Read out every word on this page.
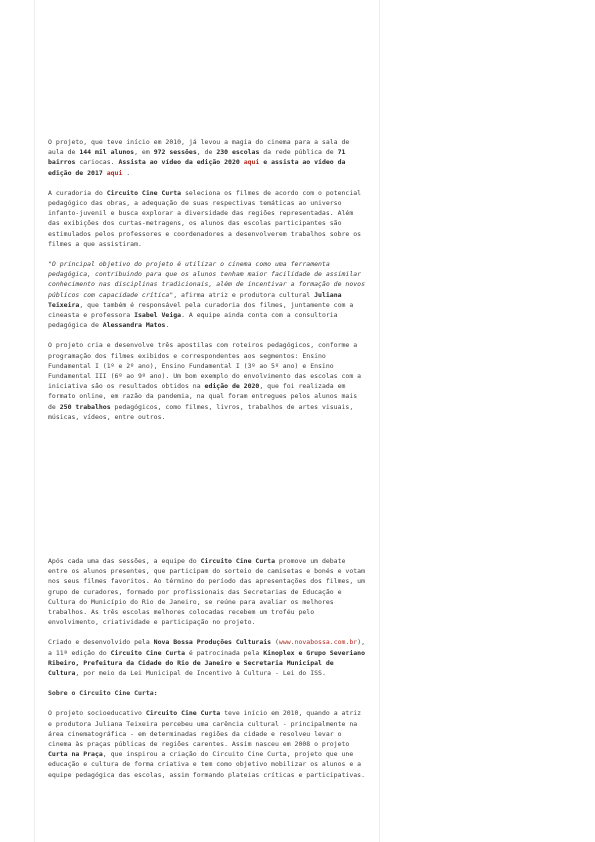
O projeto, que teve início em 2010, já levou a magia do cinema para a sala de aula de 144 mil alunos, em 972 sessões, de 230 escolas da rede pública de 71 bairros cariocas. Assista ao vídeo da edição 2020 aqui e assista ao vídeo da edição de 2017 aqui .

A curadoria do Circuito Cine Curta seleciona os filmes de acordo com o potencial pedagógico das obras, a adequação de suas respectivas temáticas ao universo infanto-juvenil e busca explorar a diversidade das regiões representadas. Além das exibições dos curtas-metragens, os alunos das escolas participantes são estimulados pelos professores e coordenadores a desenvolverem trabalhos sobre os filmes a que assistiram.

"O principal objetivo do projeto é utilizar o cinema como uma ferramenta pedagógica, contribuindo para que os alunos tenham maior facilidade de assimilar conhecimento nas disciplinas tradicionais, além de incentivar a formação de novos públicos com capacidade crítica", afirma atriz e produtora cultural Juliana Teixeira, que também é responsável pela curadoria dos filmes, juntamente com a cineasta e professora Isabel Veiga. A equipe ainda conta com a consultoria pedagógica de Alessandra Matos.

O projeto cria e desenvolve três apostilas com roteiros pedagógicos, conforme a programação dos filmes exibidos e correspondentes aos segmentos: Ensino Fundamental I (1º e 2º ano), Ensino Fundamental I (3º ao 5º ano) e Ensino Fundamental III (6º ao 9º ano). Um bom exemplo do envolvimento das escolas com a iniciativa são os resultados obtidos na edição de 2020, que foi realizada em formato online, em razão da pandemia, na qual foram entregues pelos alunos mais de 250 trabalhos pedagógicos, como filmes, livros, trabalhos de artes visuais, músicas, vídeos, entre outros.

Após cada uma das sessões, a equipe do Circuito Cine Curta promove um debate entre os alunos presentes, que participam do sorteio de camisetas e bonés e votam nos seus filmes favoritos. Ao término do período das apresentações dos filmes, um grupo de curadores, formado por profissionais das Secretarias de Educação e Cultura do Município do Rio de Janeiro, se reúne para avaliar os melhores trabalhos. As três escolas melhores colocadas recebem um troféu pelo envolvimento, criatividade e participação no projeto.

Criado e desenvolvido pela Nova Bossa Produções Culturais (www.novabossa.com.br), a 11ª edição do Circuito Cine Curta é patrocinada pela Kinoplex e Grupo Severiano Ribeiro, Prefeitura da Cidade do Rio de Janeiro e Secretaria Municipal de Cultura, por meio da Lei Municipal de Incentivo à Cultura - Lei do ISS.

Sobre o Circuito Cine Curta:

O projeto socioeducativo Circuito Cine Curta teve início em 2010, quando a atriz e produtora Juliana Teixeira percebeu uma carência cultural - principalmente na área cinematográfica - em determinadas regiões da cidade e resolveu levar o cinema às praças públicas de regiões carentes. Assim nasceu em 2008 o projeto Curta na Praça, que inspirou a criação do Circuito Cine Curta, projeto que une educação e cultura de forma criativa e tem como objetivo mobilizar os alunos e a equipe pedagógica das escolas, assim formando plateias críticas e participativas.
